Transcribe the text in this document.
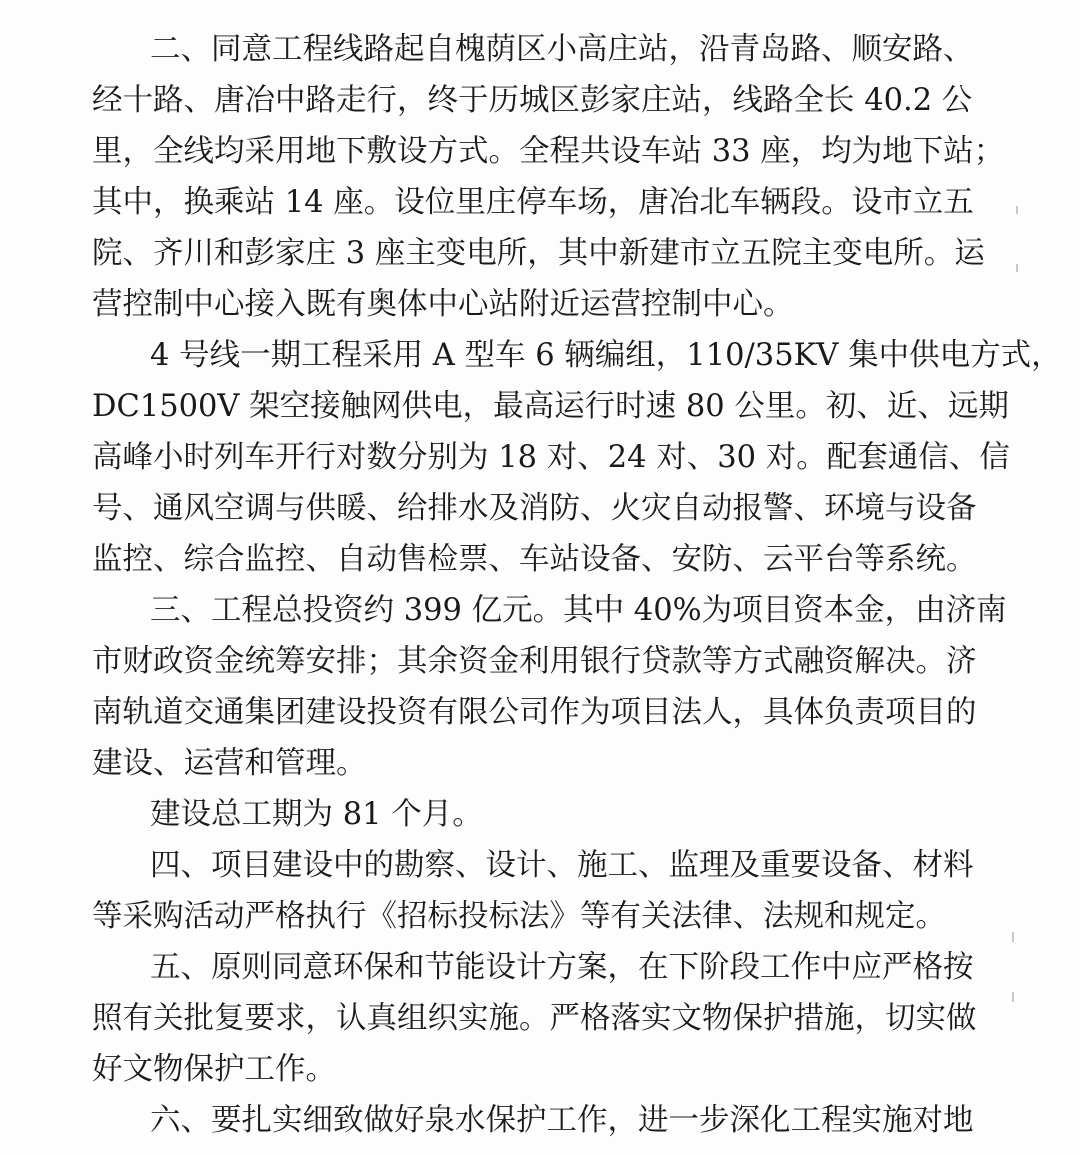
二、同意工程线路起自槐荫区小高庄站，沿青岛路、顺安路、
经十路、唐冶中路走行，终于历城区彭家庄站，线路全长 40.2 公
里，全线均采用地下敷设方式。全程共设车站 33 座，均为地下站；
其中，换乘站 14 座。设位里庄停车场，唐冶北车辆段。设市立五
院、齐川和彭家庄 3 座主变电所，其中新建市立五院主变电所。运
营控制中心接入既有奥体中心站附近运营控制中心。
4 号线一期工程采用 A 型车 6 辆编组，110/35KV 集中供电方式，
DC1500V 架空接触网供电，最高运行时速 80 公里。初、近、远期
高峰小时列车开行对数分别为 18 对、24 对、30 对。配套通信、信
号、通风空调与供暖、给排水及消防、火灾自动报警、环境与设备
监控、综合监控、自动售检票、车站设备、安防、云平台等系统。
三、工程总投资约 399 亿元。其中 40%为项目资本金，由济南
市财政资金统筹安排；其余资金利用银行贷款等方式融资解决。济
南轨道交通集团建设投资有限公司作为项目法人，具体负责项目的
建设、运营和管理。
建设总工期为 81 个月。
四、项目建设中的勘察、设计、施工、监理及重要设备、材料
等采购活动严格执行《招标投标法》等有关法律、法规和规定。
五、原则同意环保和节能设计方案，在下阶段工作中应严格按
照有关批复要求，认真组织实施。严格落实文物保护措施，切实做
好文物保护工作。
六、要扎实细致做好泉水保护工作，进一步深化工程实施对地
